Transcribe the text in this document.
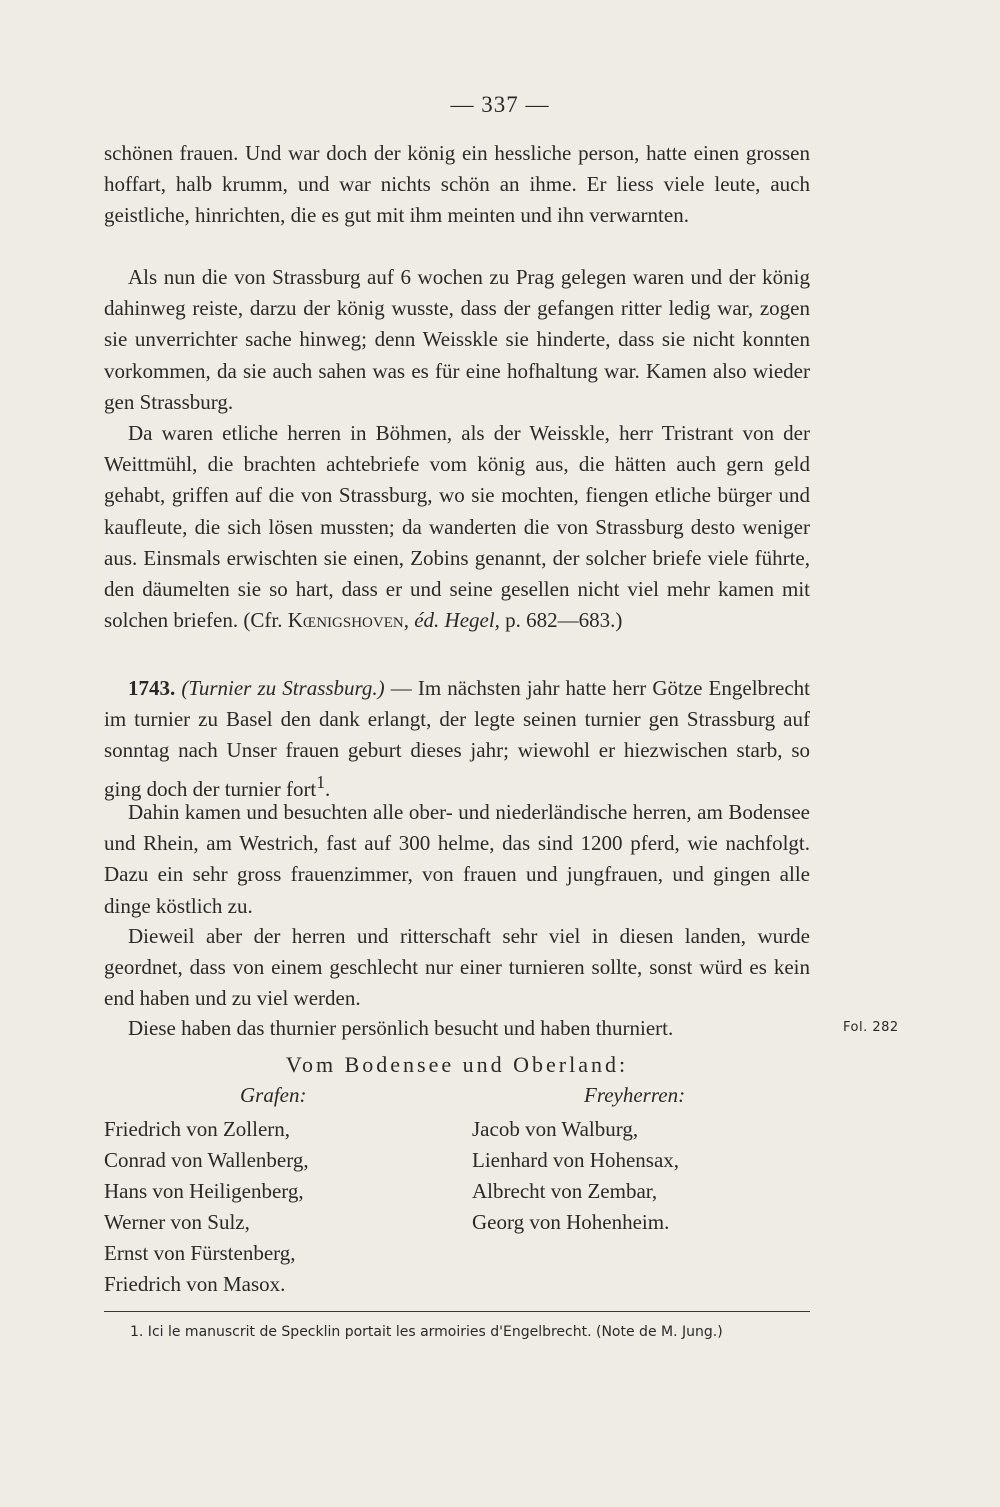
— 337 —

schönen frauen. Und war doch der könig ein hessliche person, hatte einen grossen hoffart, halb krumm, und war nichts schön an ihme. Er liess viele leute, auch geistliche, hinrichten, die es gut mit ihm meinten und ihn verwarnten.

Als nun die von Strassburg auf 6 wochen zu Prag gelegen waren und der könig dahinweg reiste, darzu der könig wusste, dass der gefangen ritter ledig war, zogen sie unverrichter sache hinweg; denn Weisskle sie hinderte, dass sie nicht konnten vorkommen, da sie auch sahen was es für eine hofhaltung war. Kamen also wieder gen Strassburg.

Da waren etliche herren in Böhmen, als der Weisskle, herr Tristrant von der Weittmühl, die brachten achtebriefe vom könig aus, die hätten auch gern geld gehabt, griffen auf die von Strassburg, wo sie mochten, fiengen etliche bürger und kaufleute, die sich lösen mussten; da wanderten die von Strassburg desto weniger aus. Einsmals erwischten sie einen, Zobins genannt, der solcher briefe viele führte, den däumelten sie so hart, dass er und seine gesellen nicht viel mehr kamen mit solchen briefen. (Cfr. Kœnigshoven, éd. Hegel, p. 682—683.)

1743. (Turnier zu Strassburg.) — Im nächsten jahr hatte herr Götze Engelbrecht im turnier zu Basel den dank erlangt, der legte seinen turnier gen Strassburg auf sonntag nach Unser frauen geburt dieses jahr; wiewohl er hiezwischen starb, so ging doch der turnier fort$^1$.

Dahin kamen und besuchten alle ober- und niederländische herren, am Bodensee und Rhein, am Westrich, fast auf 300 helme, das sind 1200 pferd, wie nachfolgt. Dazu ein sehr gross frauenzimmer, von frauen und jungfrauen, und gingen alle dinge köstlich zu.

Dieweil aber der herren und ritterschaft sehr viel in diesen landen, wurde geordnet, dass von einem geschlecht nur einer turnieren sollte, sonst würd es kein end haben und zu viel werden.

Diese haben das thurnier persönlich besucht und haben thurniert.	Fol. 282
Vom Bodensee und Oberland:
Grafen:	Freyherren:
Friedrich von Zollern,
Conrad von Wallenberg,
Hans von Heiligenberg,
Werner von Sulz,
Ernst von Fürstenberg,
Friedrich von Masox.
Jacob von Walburg,
Lienhard von Hohensax,
Albrecht von Zembar,
Georg von Hohenheim.
1. Ici le manuscrit de Specklin portait les armoiries d'Engelbrecht. (Note de M. Jung.)
